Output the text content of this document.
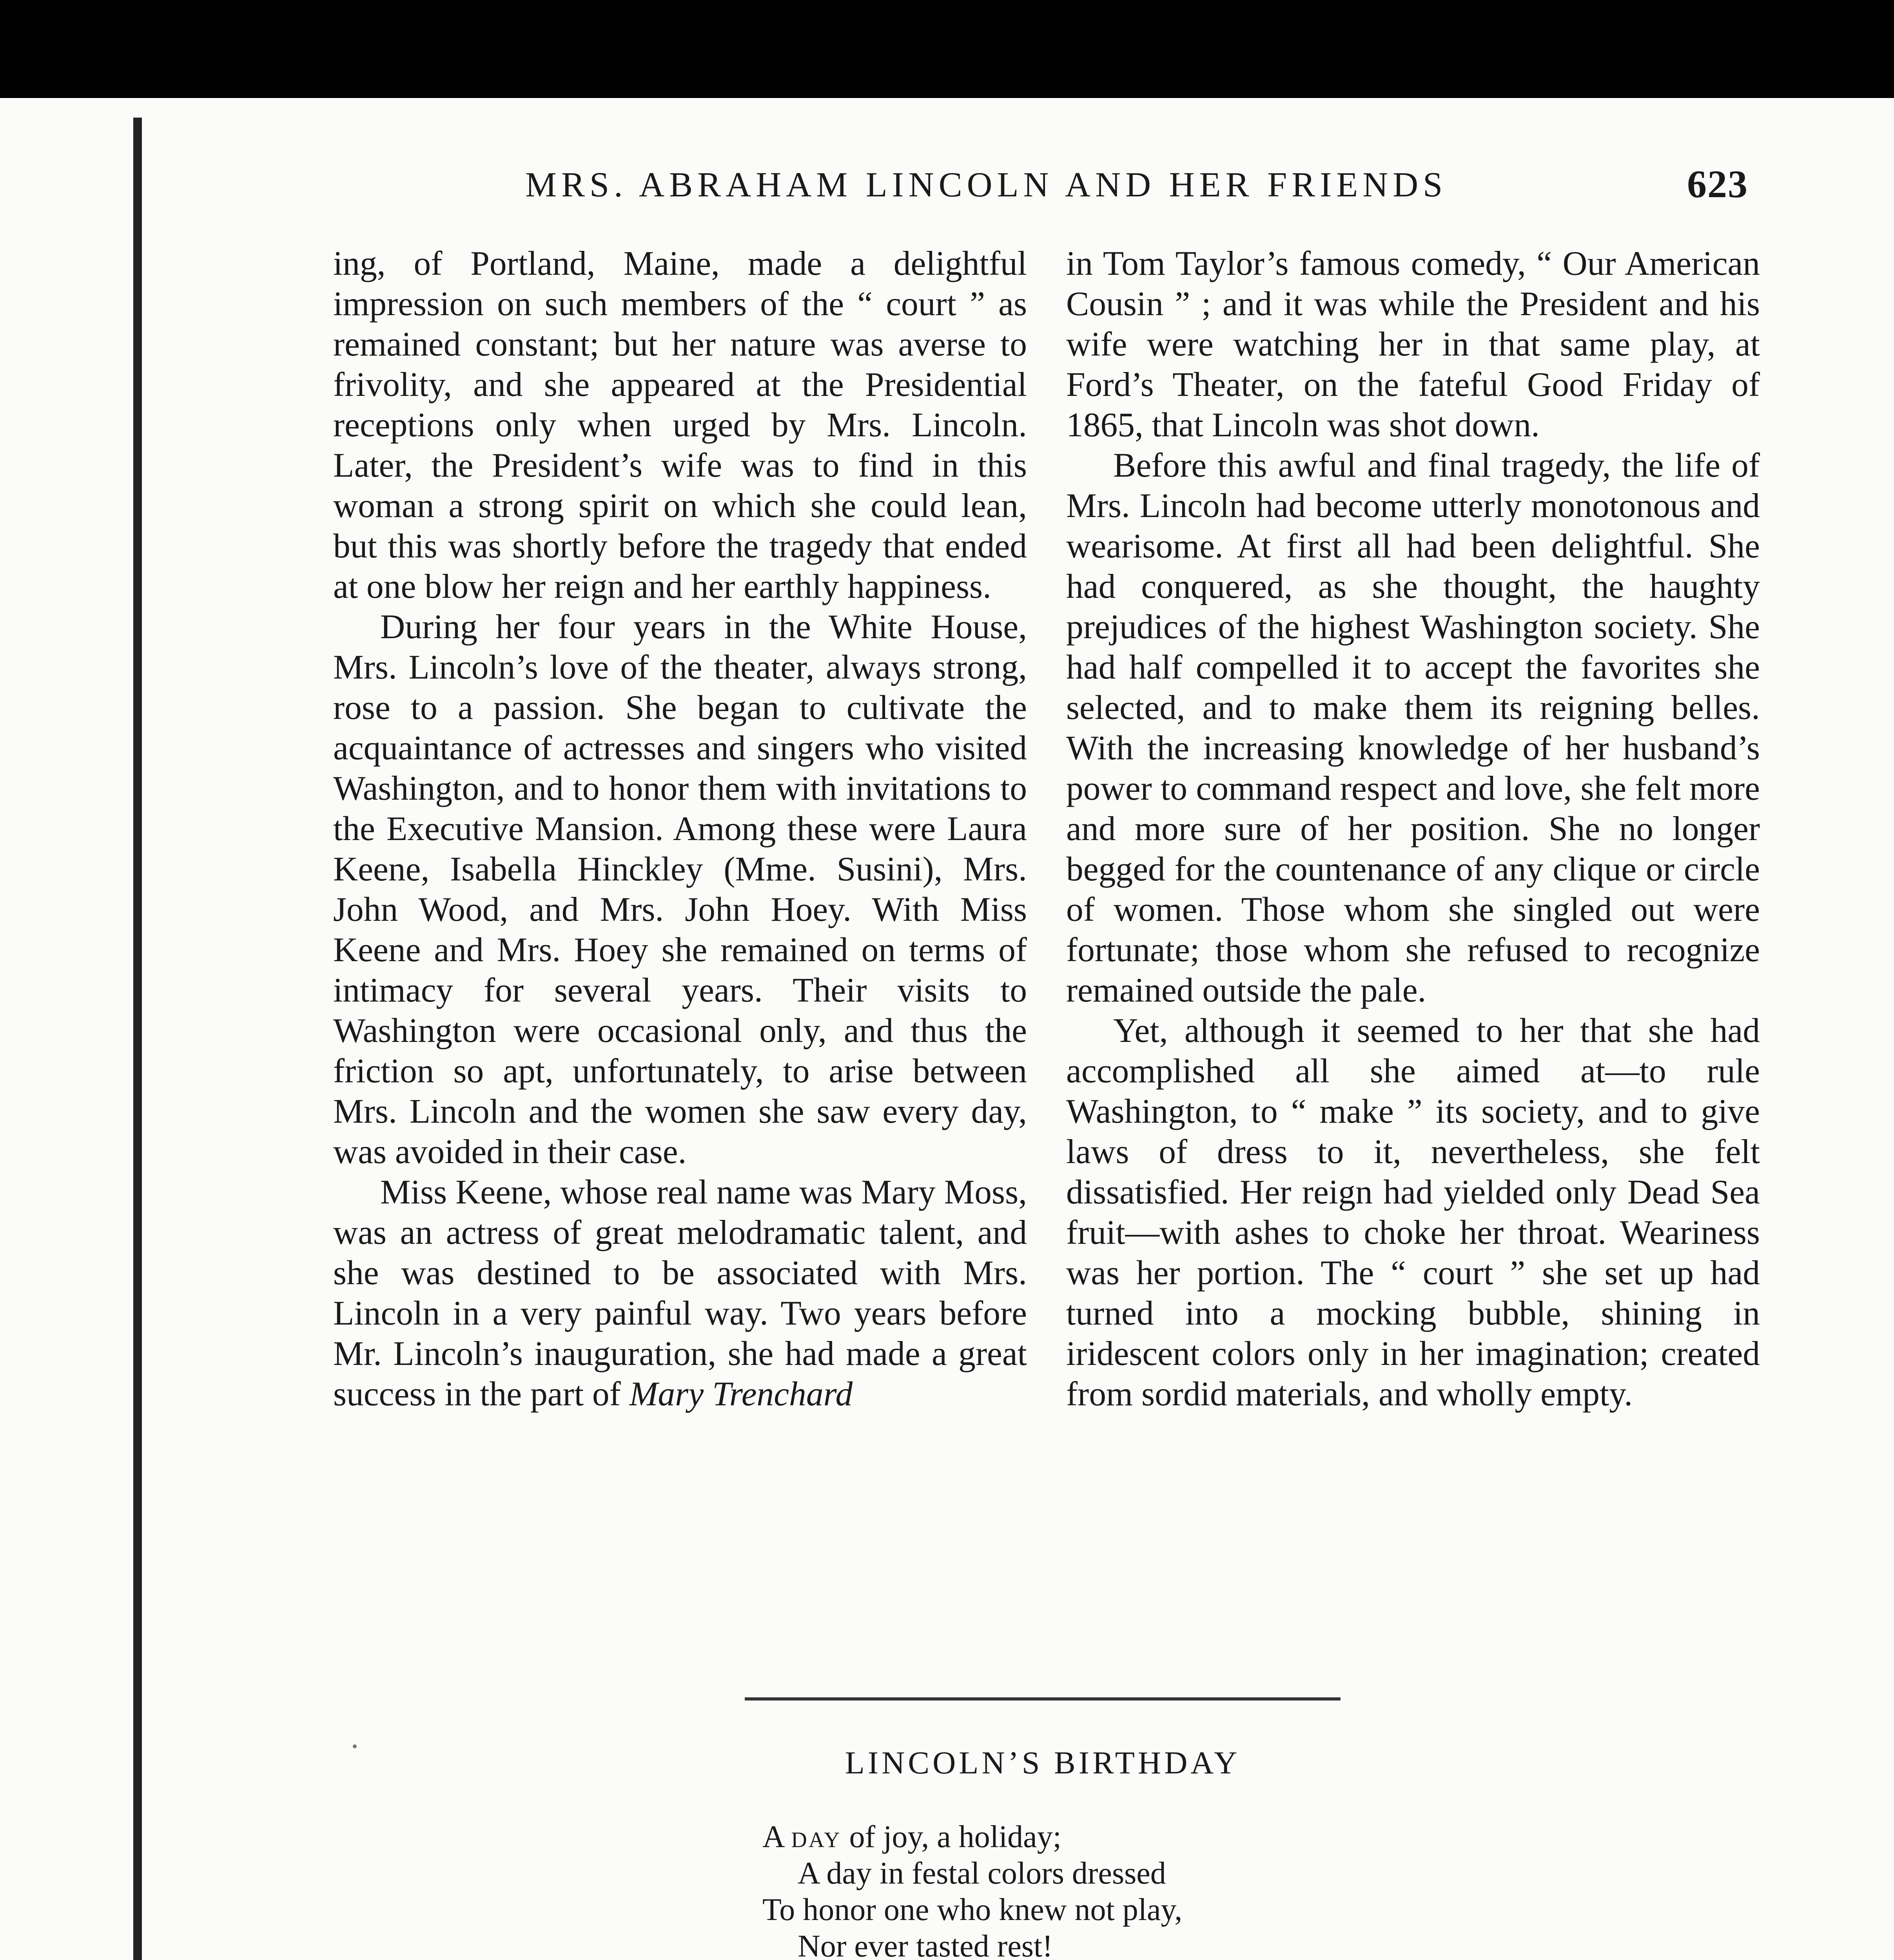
MRS. ABRAHAM LINCOLN AND HER FRIENDS	623

ing, of Portland, Maine, made a delightful impression on such members of the “ court ” as remained constant; but her nature was averse to frivolity, and she appeared at the Presidential receptions only when urged by Mrs. Lincoln. Later, the President’s wife was to find in this woman a strong spirit on which she could lean, but this was shortly before the tragedy that ended at one blow her reign and her earthly happiness.

During her four years in the White House, Mrs. Lincoln’s love of the theater, always strong, rose to a passion. She began to cultivate the acquaintance of actresses and singers who visited Washington, and to honor them with invitations to the Executive Mansion. Among these were Laura Keene, Isabella Hinckley (Mme. Susini), Mrs. John Wood, and Mrs. John Hoey. With Miss Keene and Mrs. Hoey she remained on terms of intimacy for several years. Their visits to Washington were occasional only, and thus the friction so apt, unfortunately, to arise between Mrs. Lincoln and the women she saw every day, was avoided in their case.

Miss Keene, whose real name was Mary Moss, was an actress of great melodramatic talent, and she was destined to be associated with Mrs. Lincoln in a very painful way. Two years before Mr. Lincoln’s inauguration, she had made a great success in the part of Mary Trenchard

in Tom Taylor’s famous comedy, “ Our American Cousin ” ; and it was while the President and his wife were watching her in that same play, at Ford’s Theater, on the fateful Good Friday of 1865, that Lincoln was shot down.

Before this awful and final tragedy, the life of Mrs. Lincoln had become utterly monotonous and wearisome. At first all had been delightful. She had conquered, as she thought, the haughty prejudices of the highest Washington society. She had half compelled it to accept the favorites she selected, and to make them its reigning belles. With the increasing knowledge of her husband’s power to command respect and love, she felt more and more sure of her position. She no longer begged for the countenance of any clique or circle of women. Those whom she singled out were fortunate; those whom she refused to recognize remained outside the pale.

Yet, although it seemed to her that she had accomplished all she aimed at—to rule Washington, to “ make ” its society, and to give laws of dress to it, nevertheless, she felt dissatisfied. Her reign had yielded only Dead Sea fruit—with ashes to choke her throat. Weariness was her portion. The “ court ” she set up had turned into a mocking bubble, shining in iridescent colors only in her imagination; created from sordid materials, and wholly empty.

LINCOLN’S BIRTHDAY
A day of joy, a holiday;
A day in festal colors dressed
To honor one who knew not play,
Nor ever tasted rest!
